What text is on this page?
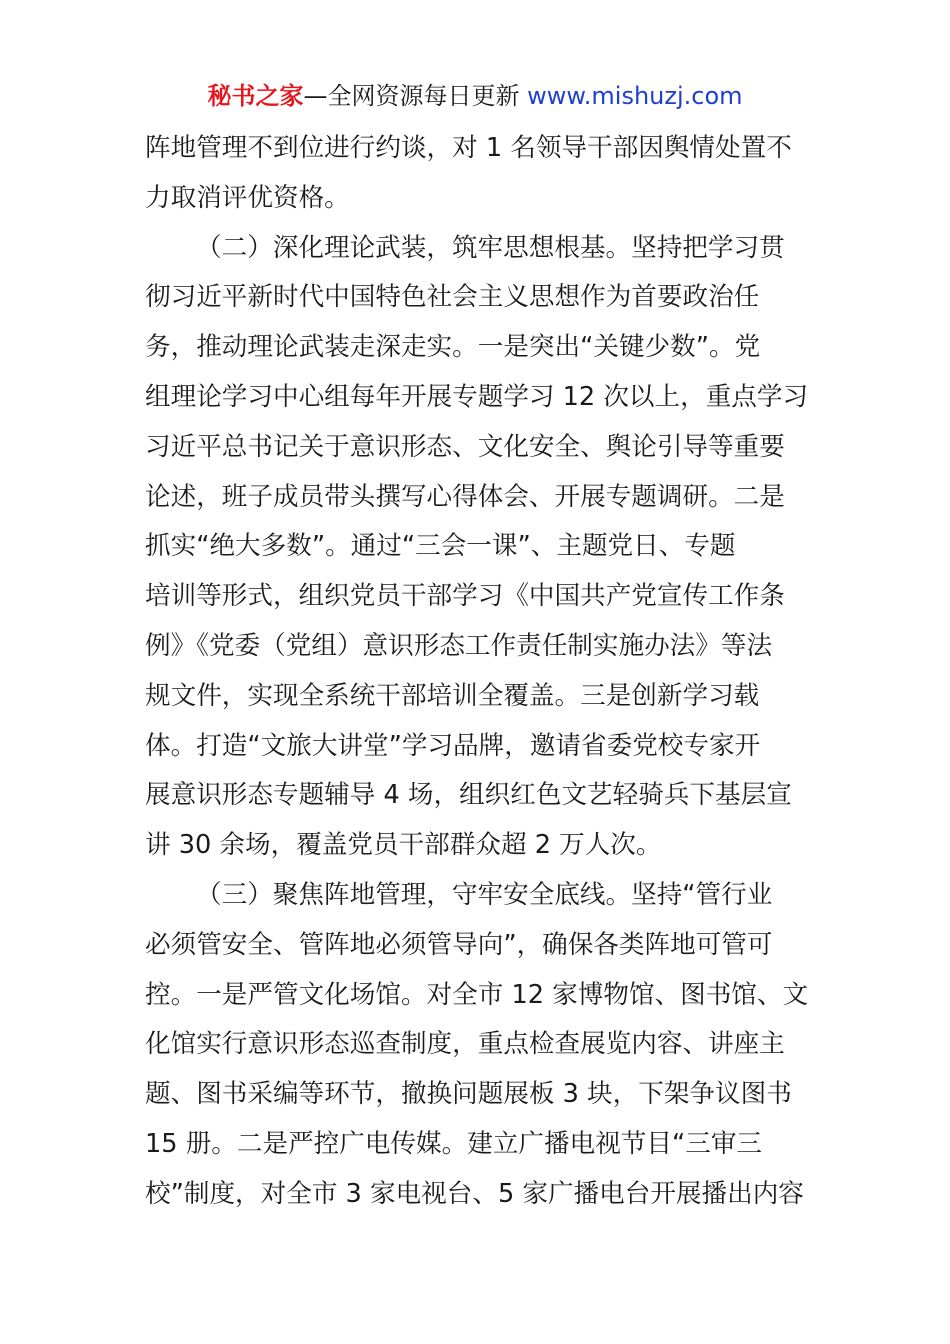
秘书之家—全网资源每日更新 www.mishuzj.com
阵地管理不到位进行约谈，对 1 名领导干部因舆情处置不
力取消评优资格。
（二）深化理论武装，筑牢思想根基。坚持把学习贯
彻习近平新时代中国特色社会主义思想作为首要政治任
务，推动理论武装走深走实。一是突出“关键少数”。党
组理论学习中心组每年开展专题学习 12 次以上，重点学习
习近平总书记关于意识形态、文化安全、舆论引导等重要
论述，班子成员带头撰写心得体会、开展专题调研。二是
抓实“绝大多数”。通过“三会一课”、主题党日、专题
培训等形式，组织党员干部学习《中国共产党宣传工作条
例》《党委（党组）意识形态工作责任制实施办法》等法
规文件，实现全系统干部培训全覆盖。三是创新学习载
体。打造“文旅大讲堂”学习品牌，邀请省委党校专家开
展意识形态专题辅导 4 场，组织红色文艺轻骑兵下基层宣
讲 30 余场，覆盖党员干部群众超 2 万人次。
（三）聚焦阵地管理，守牢安全底线。坚持“管行业
必须管安全、管阵地必须管导向”，确保各类阵地可管可
控。一是严管文化场馆。对全市 12 家博物馆、图书馆、文
化馆实行意识形态巡查制度，重点检查展览内容、讲座主
题、图书采编等环节，撤换问题展板 3 块，下架争议图书
15 册。二是严控广电传媒。建立广播电视节目“三审三
校”制度，对全市 3 家电视台、5 家广播电台开展播出内容
